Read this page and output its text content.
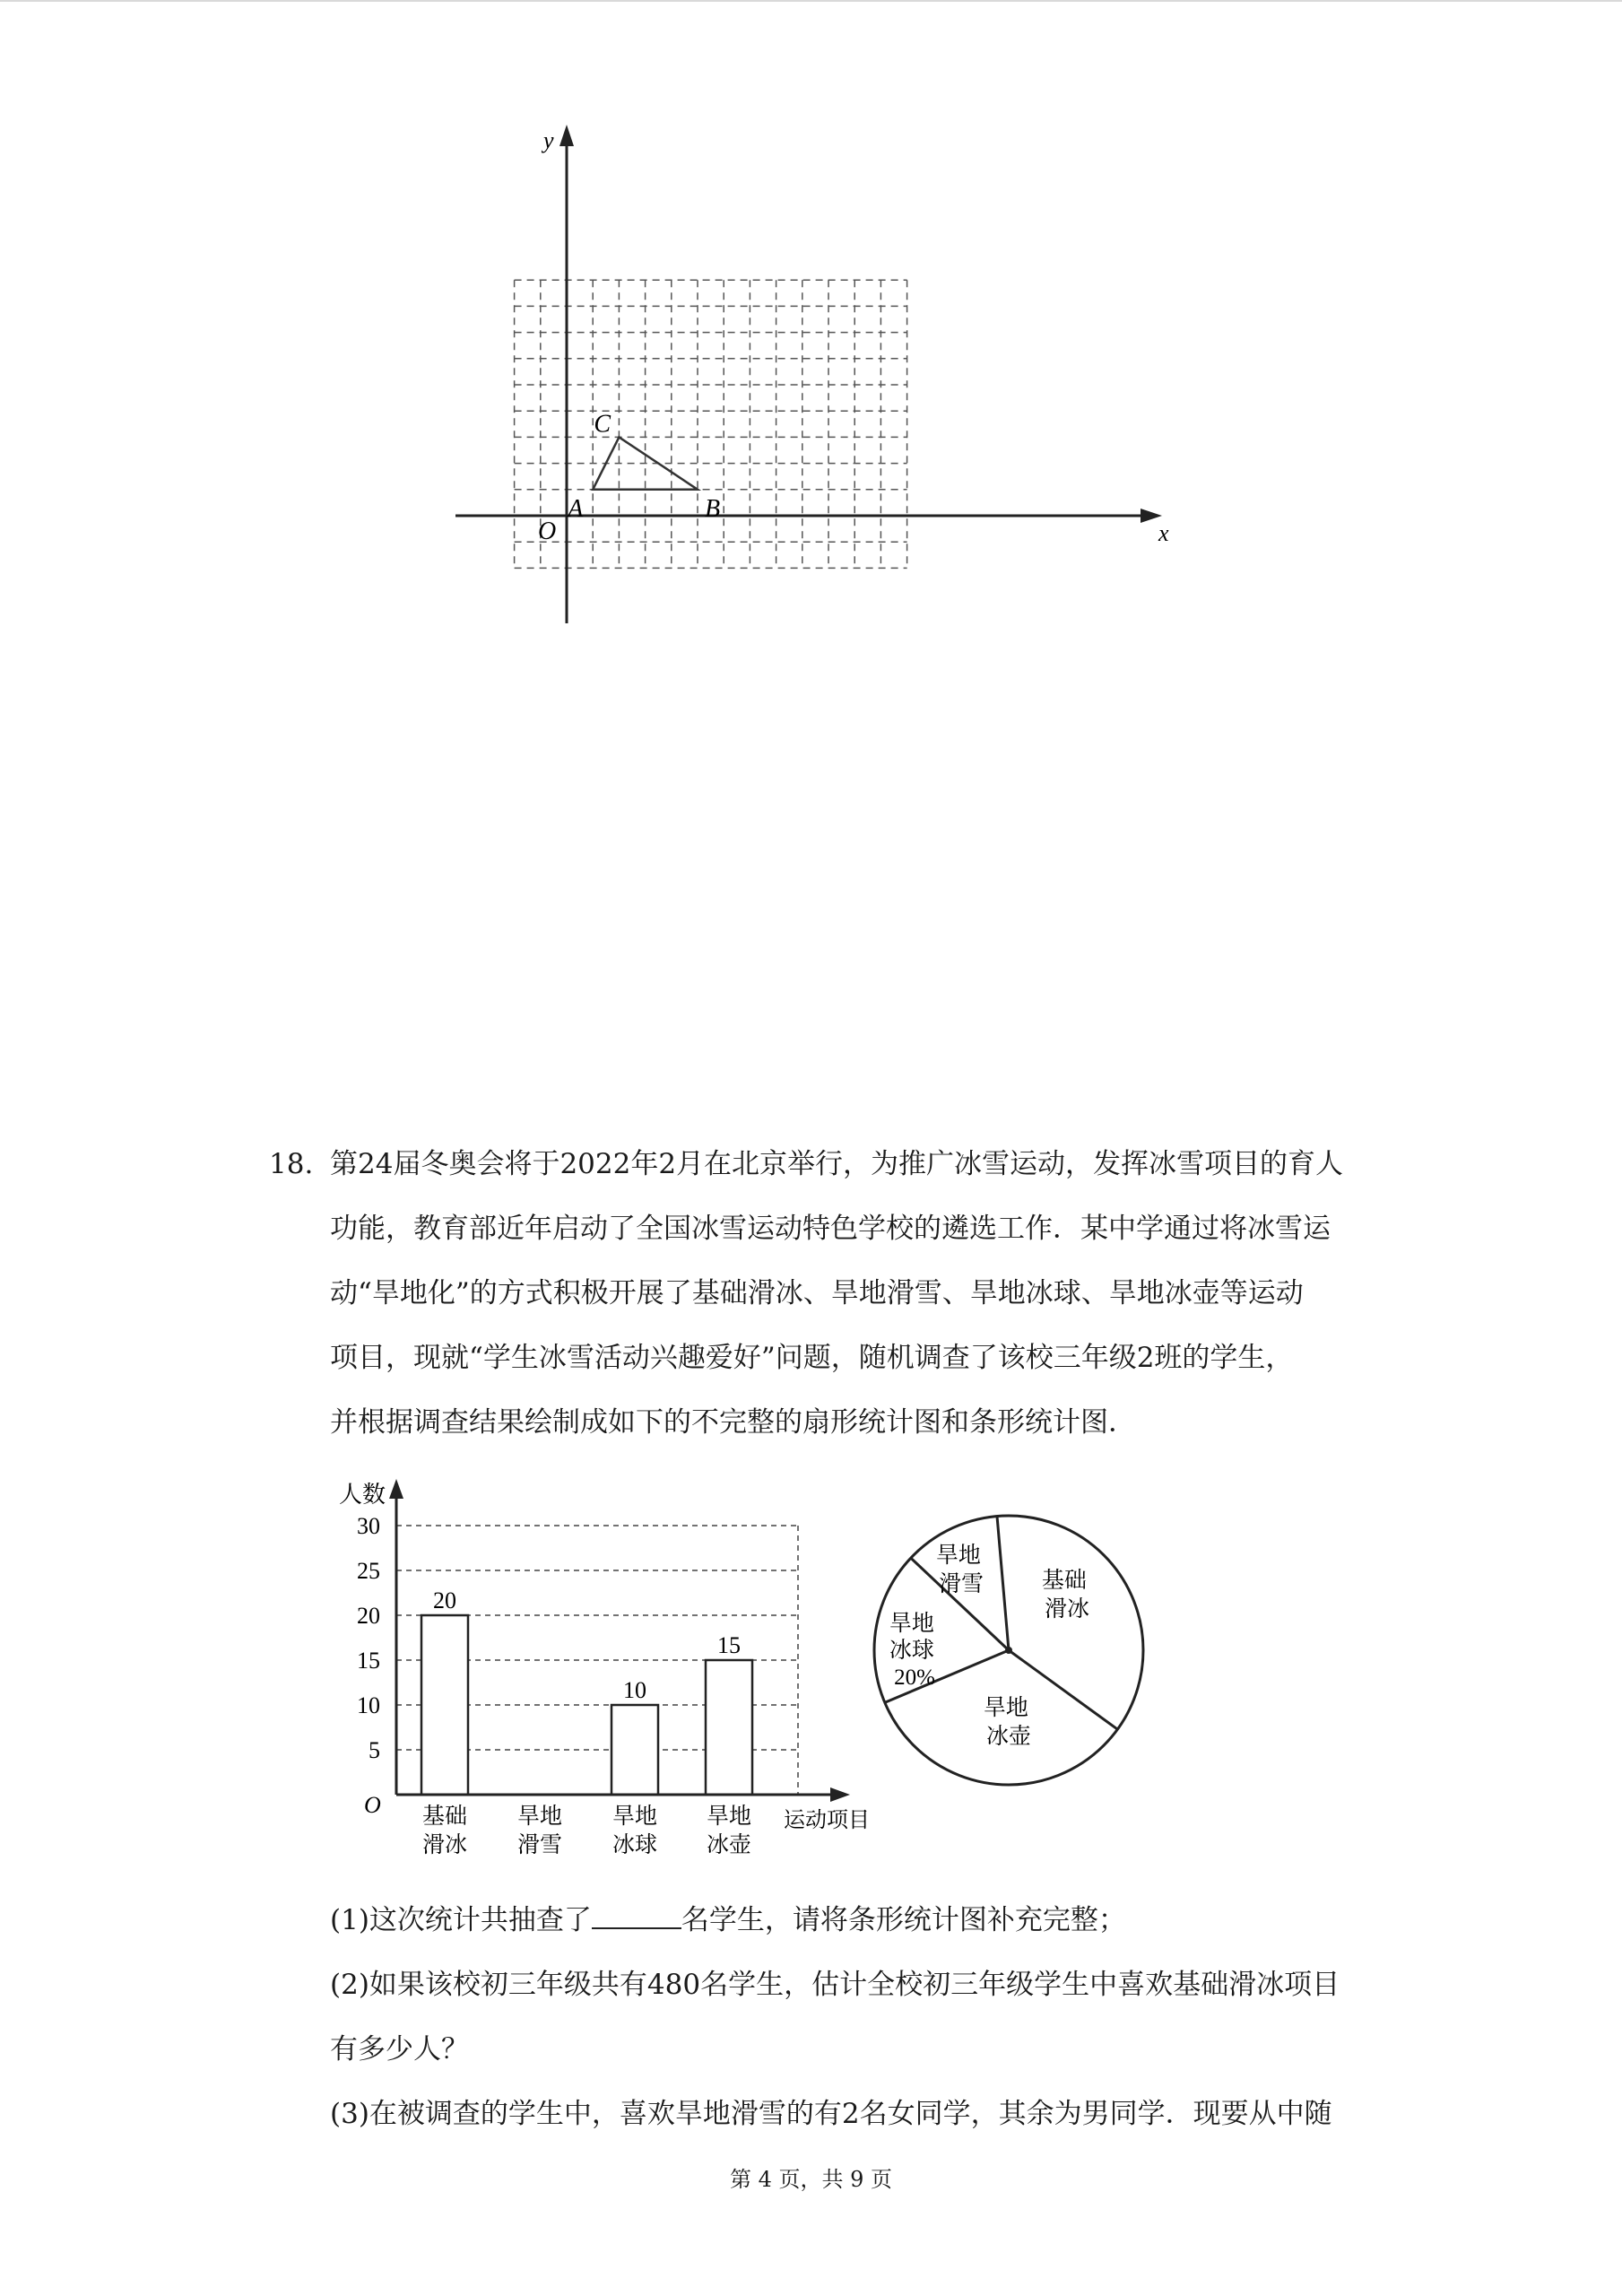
x
y
O
A	B
C
18. 第24届冬奥会将于2022年2月在北京举行，为推广冰雪运动，发挥冰雪项目的育人
功能，教育部近年启动了全国冰雪运动特色学校的遴选工作．某中学通过将冰雪运
动“旱地化”的方式积极开展了基础滑冰、旱地滑雪、旱地冰球、旱地冰壶等运动
项目，现就“学生冰雪活动兴趣爱好”问题，随机调查了该校三年级2班的学生，
并根据调查结果绘制成如下的不完整的扇形统计图和条形统计图．
30
25
20
15
10
5
20
基础
滑冰
旱地
滑雪
10
旱地
冰球
15
旱地
冰壶
人数
运动项目
O
基础 滑冰
旱地 冰壶
旱地 冰球 20%
旱地 滑雪
(1)这次统计共抽查了	名学生，请将条形统计图补充完整；
(2)如果该校初三年级共有480名学生，估计全校初三年级学生中喜欢基础滑冰项目
有多少人？
(3)在被调查的学生中，喜欢旱地滑雪的有2名女同学，其余为男同学．现要从中随
第 4 页，共 9 页
